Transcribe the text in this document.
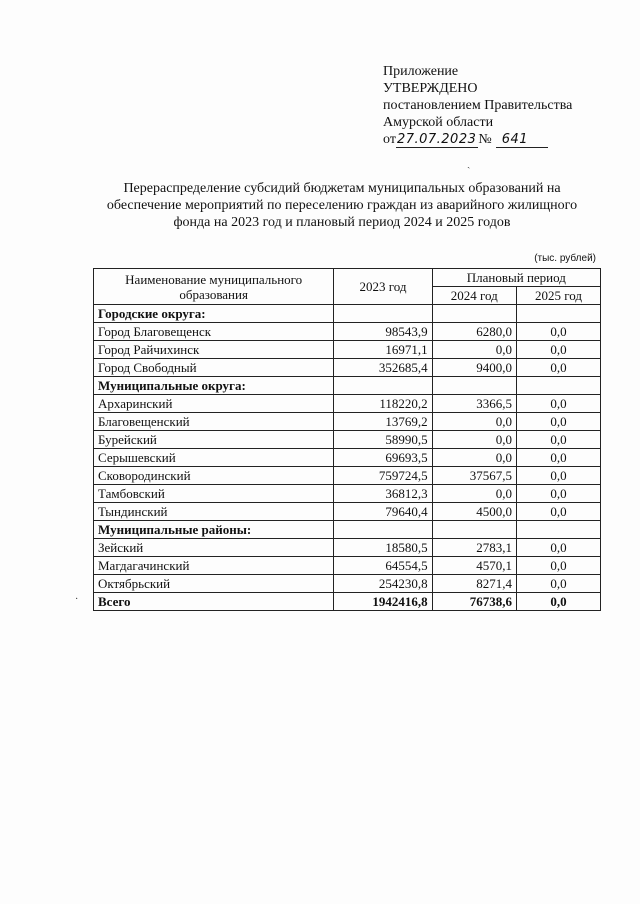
Приложение
УТВЕРЖДЕНО
постановлением Правительства
Амурской области
от 27.07.2023 № 641
ˎ
Перераспределение субсидий бюджетам муниципальных образований на обеспечение мероприятий по переселению граждан из аварийного жилищного фонда на 2023 год и плановый период 2024 и 2025 годов
(тыс. рублей)
Наименование муниципального образования	2023 год	Плановый период	
		2024 год	2025 год
Городские округа:			
Город Благовещенск	98543,9	6280,0	0,0
Город Райчихинск	16971,1	0,0	0,0
Город Свободный	352685,4	9400,0	0,0
Муниципальные округа:			
Архаринский	118220,2	3366,5	0,0
Благовещенский	13769,2	0,0	0,0
Бурейский	58990,5	0,0	0,0
Серышевский	69693,5	0,0	0,0
Сковородинский	759724,5	37567,5	0,0
Тамбовский	36812,3	0,0	0,0
Тындинский	79640,4	4500,0	0,0
Муниципальные районы:			
Зейский	18580,5	2783,1	0,0
Магдагачинский	64554,5	4570,1	0,0
Октябрьский	254230,8	8271,4	0,0
Всего	1942416,8	76738,6	0,0
·
